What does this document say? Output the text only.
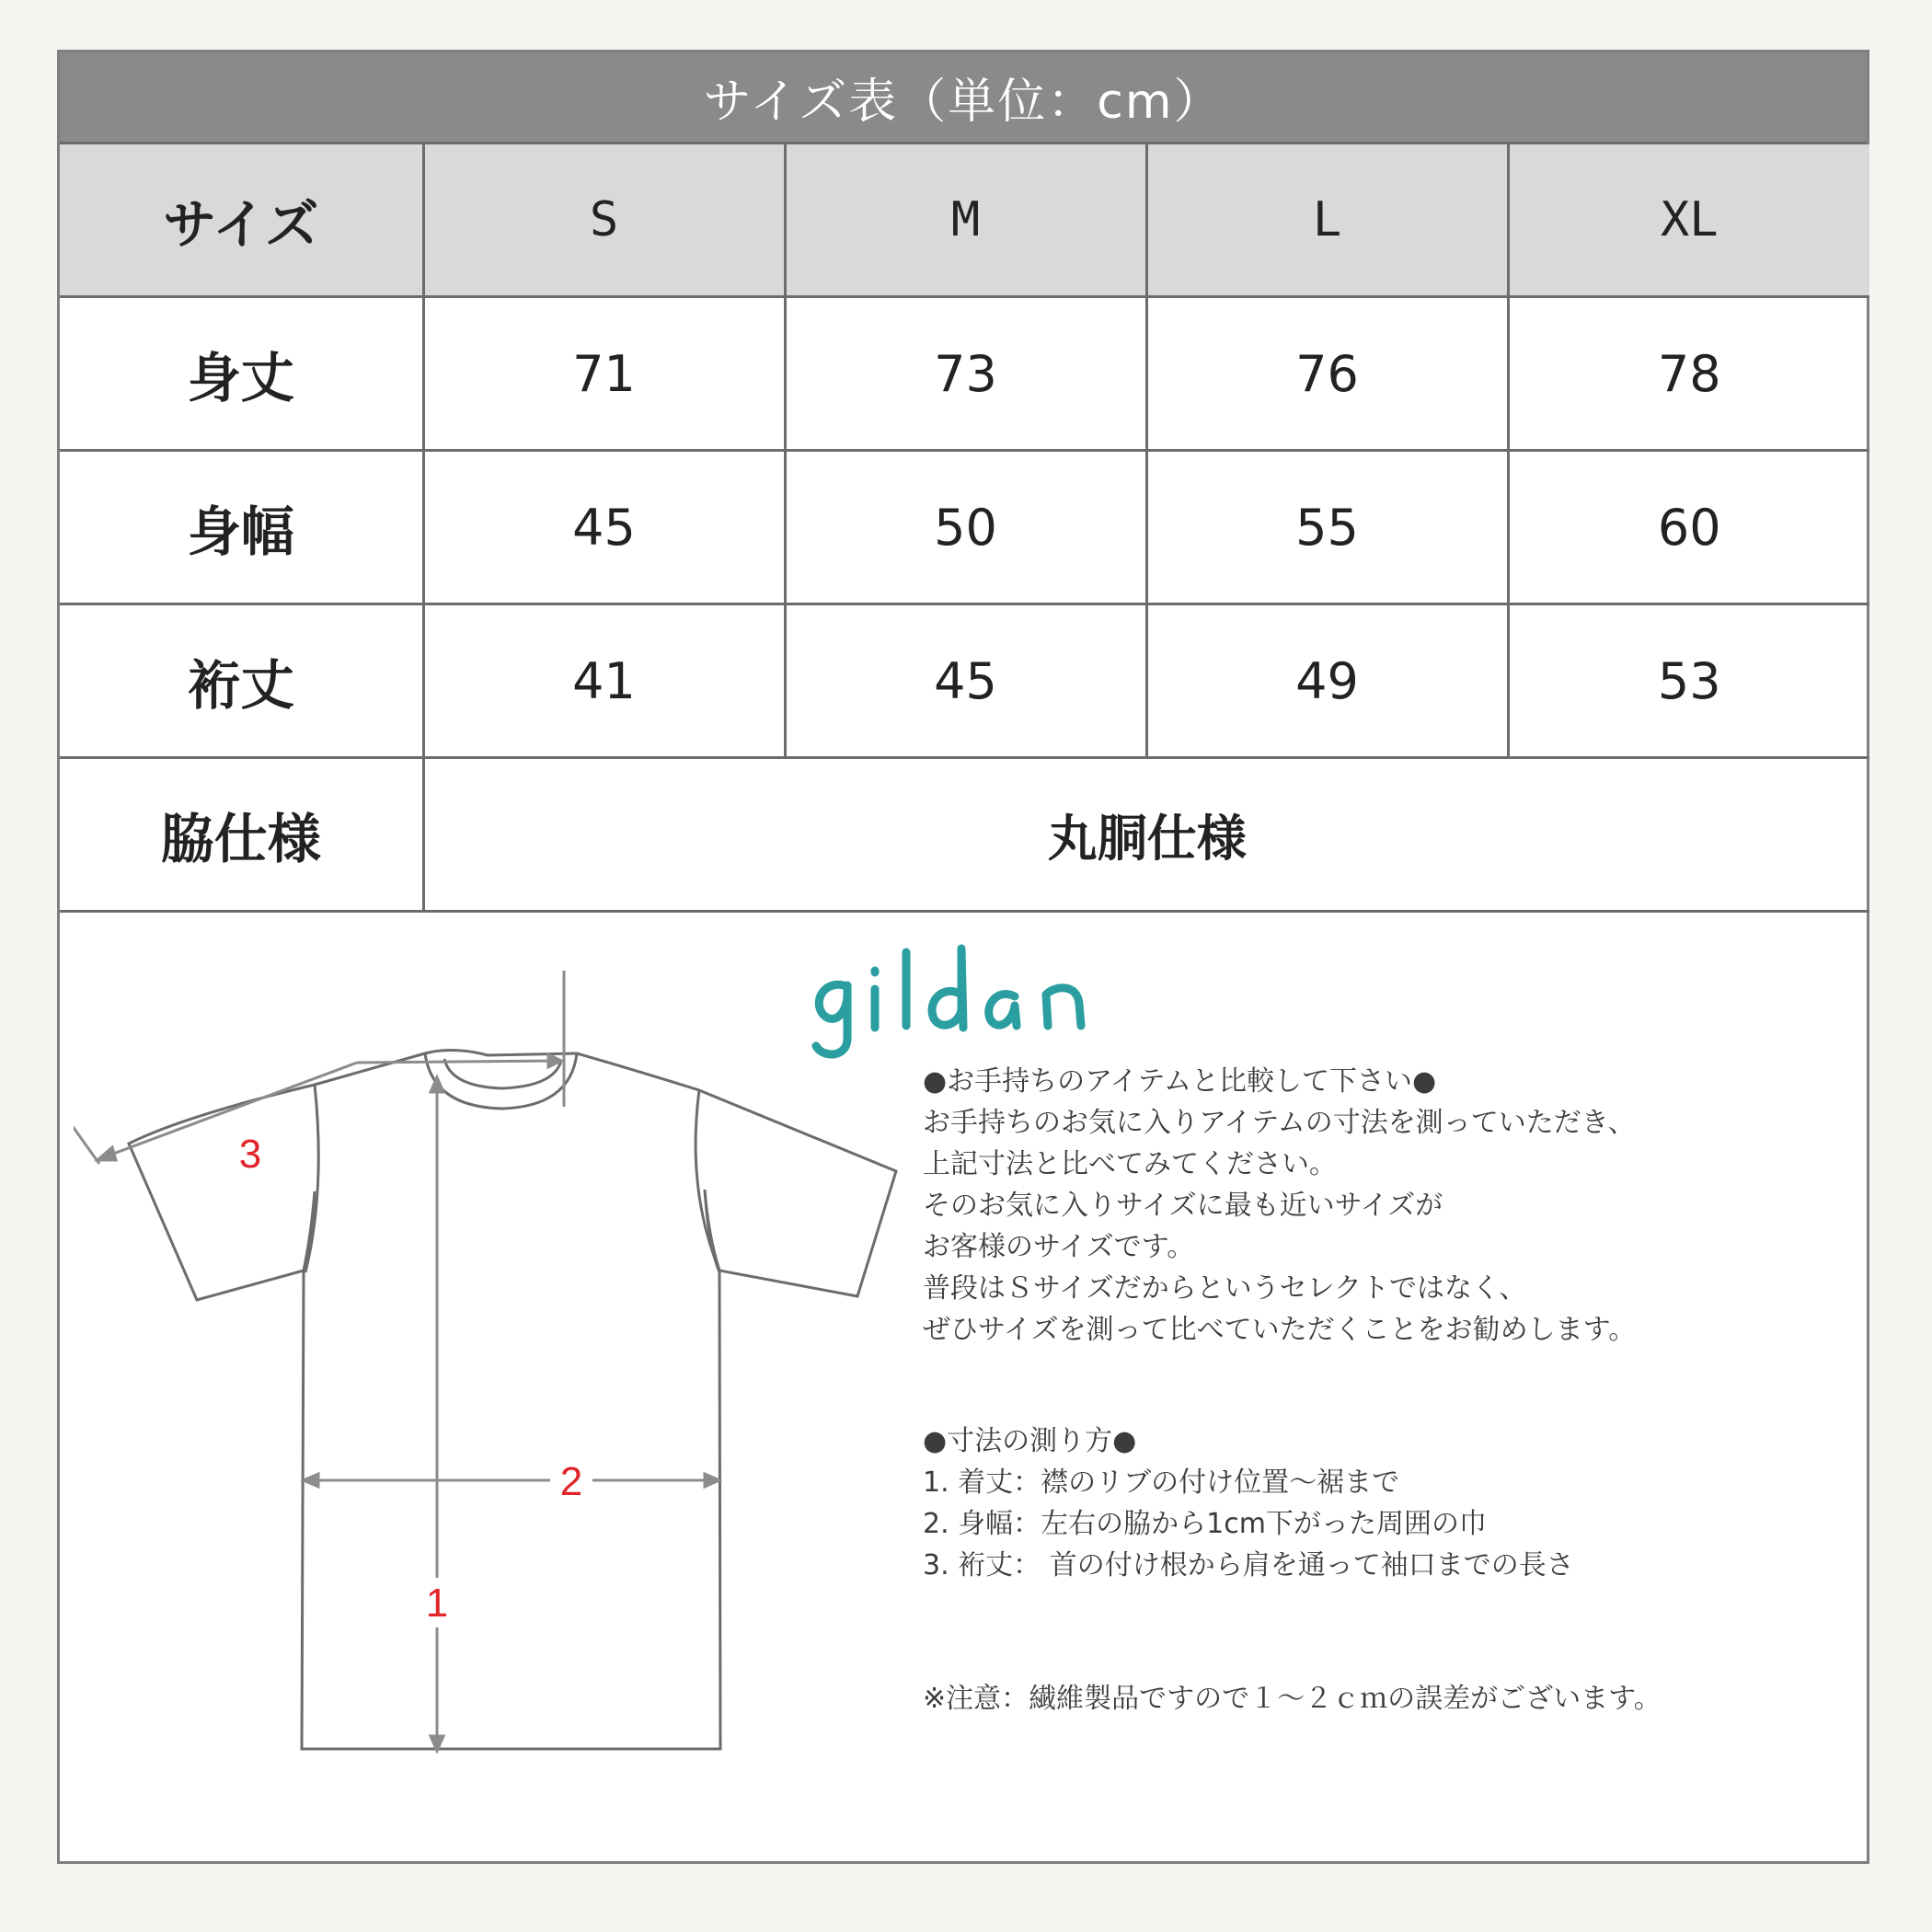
サイズ表（単位：cm）
サイズ	S	M	L	XL
身丈	71	73	76	78
身幅	45	50	55	60
裄丈	41	45	49	53
脇仕様	丸胴仕様			
1
2
3

●お手持ちのアイテムと比較して下さい●

お手持ちのお気に入りアイテムの寸法を測っていただき、

上記寸法と比べてみてください。

そのお気に入りサイズに最も近いサイズが

お客様のサイズです。

普段はＳサイズだからというセレクトではなく、

ぜひサイズを測って比べていただくことをお勧めします。

●寸法の測り方●

1. 着丈：襟のリブの付け位置～裾まで

2. 身幅：左右の脇から1cm下がった周囲の巾

3. 裄丈： 首の付け根から肩を通って袖口までの長さ

※注意：繊維製品ですので１～２ｃｍの誤差がございます。
